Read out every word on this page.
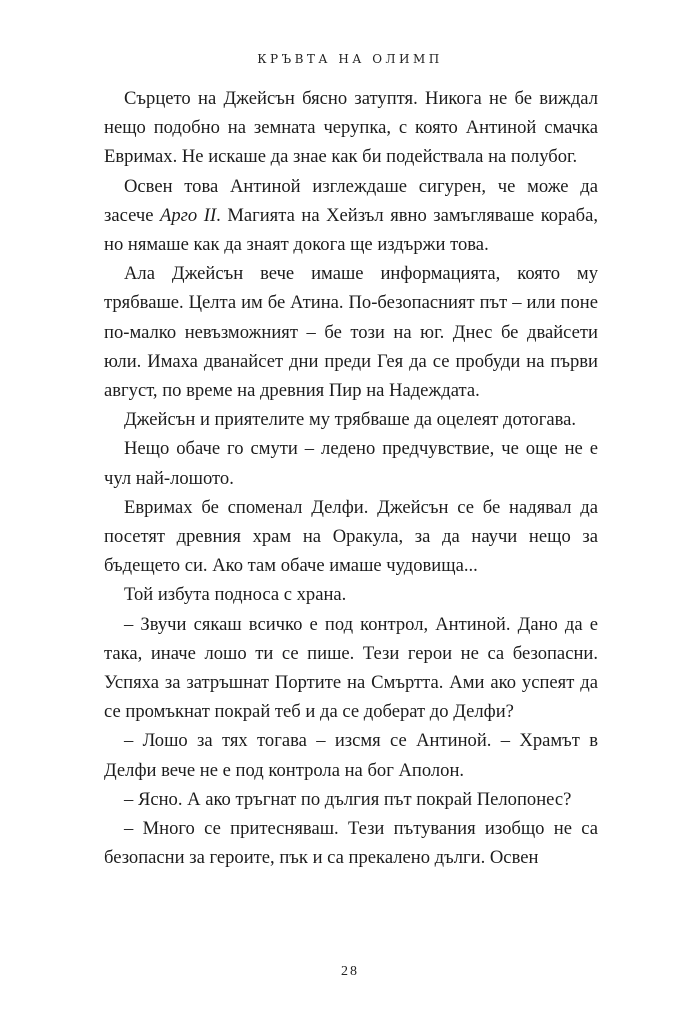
КРЪВТА НА ОЛИМП

Сърцето на Джейсън бясно затуптя. Никога не бе виждал нещо подобно на земната черупка, с която Антиной смачка Евримах. Не искаше да знае как би подействала на полубог.

Освен това Антиной изглеждаше сигурен, че може да засече Арго II. Магията на Хейзъл явно замъгляваше кораба, но нямаше как да знаят докога ще издържи това.

Ала Джейсън вече имаше информацията, която му трябваше. Целта им бе Атина. По-безопасният път – или поне по-малко невъзможният – бе този на юг. Днес бе двайсети юли. Имаха дванайсет дни преди Гея да се пробуди на първи август, по време на древния Пир на Надеждата.

Джейсън и приятелите му трябваше да оцелеят дотогава.

Нещо обаче го смути – ледено предчувствие, че още не е чул най-лошото.

Евримах бе споменал Делфи. Джейсън се бе надявал да посетят древния храм на Оракула, за да научи нещо за бъдещето си. Ако там обаче имаше чудовища...

Той избута подноса с храна.

– Звучи сякаш всичко е под контрол, Антиной. Дано да е така, иначе лошо ти се пише. Тези герои не са безопасни. Успяха за затръшнат Портите на Смъртта. Ами ако успеят да се промъкнат покрай теб и да се доберат до Делфи?

– Лошо за тях тогава – изсмя се Антиной. – Храмът в Делфи вече не е под контрола на бог Аполон.

– Ясно. А ако тръгнат по дългия път покрай Пелопонес?

– Много се притесняваш. Тези пътувания изобщо не са безопасни за героите, пък и са прекалено дълги. Освен

28
